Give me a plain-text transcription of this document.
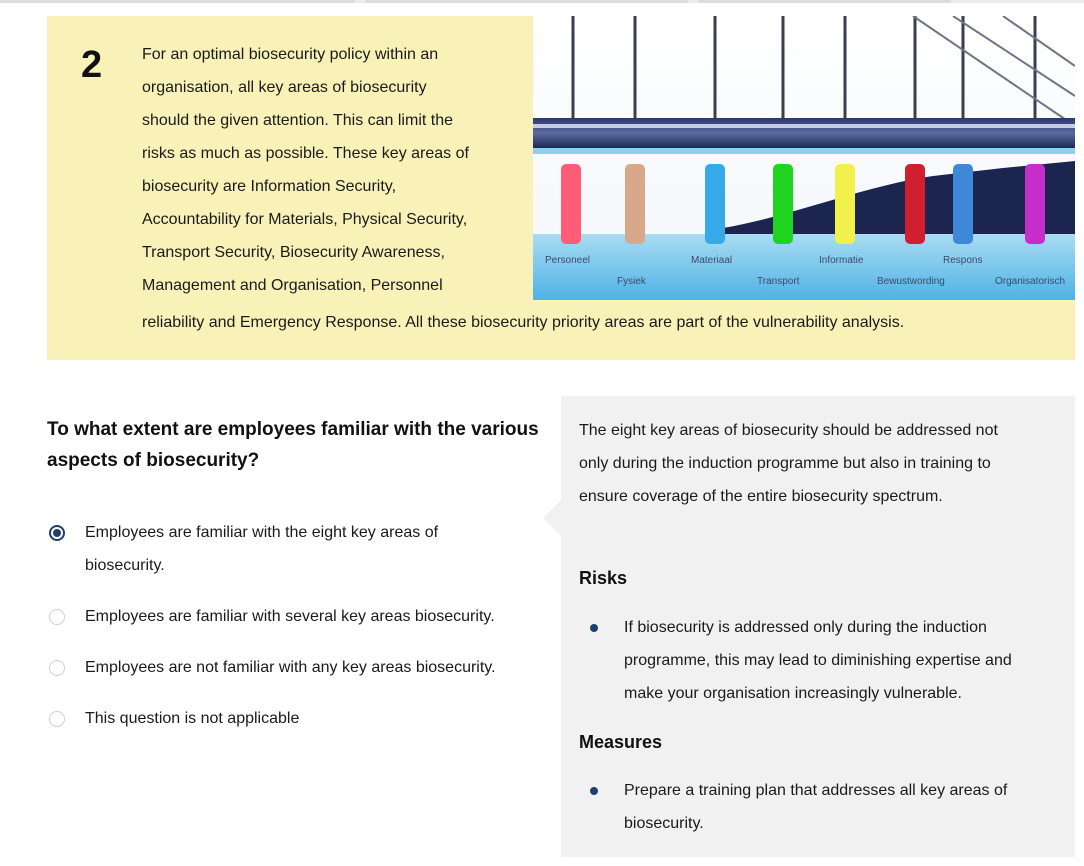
2 For an optimal biosecurity policy within an
organisation, all key areas of biosecurity
should the given attention. This can limit the
risks as much as possible. These key areas of
biosecurity are Information Security,
Accountability for Materials, Physical Security,
Transport Security, Biosecurity Awareness,
Management and Organisation, Personnel
reliability and Emergency Response. All these biosecurity priority areas are part of the vulnerability analysis.
Personeel	Materiaal	Informatie	Respons
Fysiek	Transport	Bewustwording	Organisatorisch
To what extent are employees familiar with the various aspects of biosecurity?
Employees are familiar with the eight key areas of
biosecurity.
Employees are familiar with several key areas biosecurity.
Employees are not familiar with any key areas biosecurity.
This question is not applicable
The eight key areas of biosecurity should be addressed not
only during the induction programme but also in training to
ensure coverage of the entire biosecurity spectrum.
Risks
If biosecurity is addressed only during the induction
programme, this may lead to diminishing expertise and
make your organisation increasingly vulnerable.
Measures
Prepare a training plan that addresses all key areas of
biosecurity.
